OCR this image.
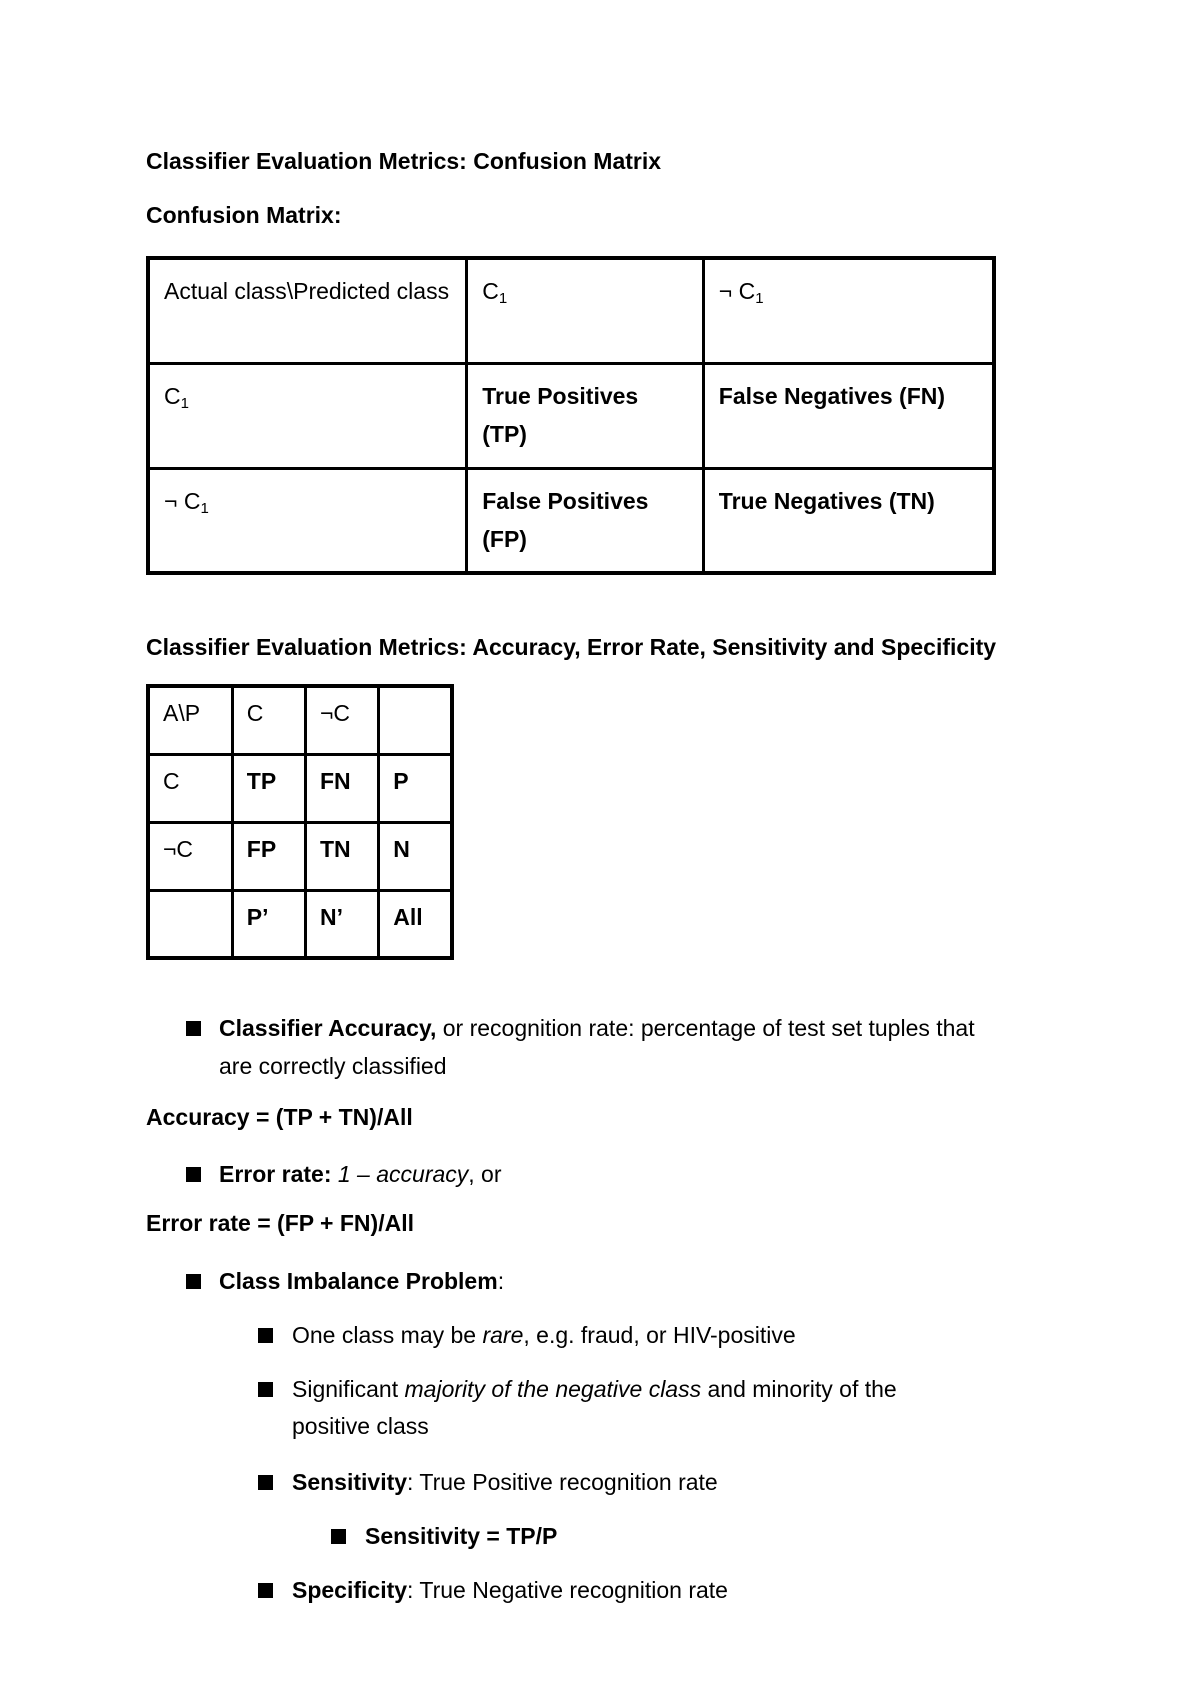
Classifier Evaluation Metrics: Confusion Matrix
Confusion Matrix:
Actual class\Predicted class	$C_1$	¬ $C_1$
$C_1$	True Positives (TP)	False Negatives (FN)
¬ $C_1$	False Positives (FP)	True Negatives (TN)
Classifier Evaluation Metrics: Accuracy, Error Rate, Sensitivity and Specificity
A\P	C	¬C	
C	TP	FN	P
¬C	FP	TN	N
	P’	N’	All
Classifier Accuracy, or recognition rate: percentage of test set tuples that
are correctly classified
Accuracy = (TP + TN)/All
Error rate: 1 – accuracy, or
Error rate = (FP + FN)/All
Class Imbalance Problem:
One class may be rare, e.g. fraud, or HIV-positive
Significant majority of the negative class and minority of the
positive class
Sensitivity: True Positive recognition rate
Sensitivity = TP/P
Specificity: True Negative recognition rate
